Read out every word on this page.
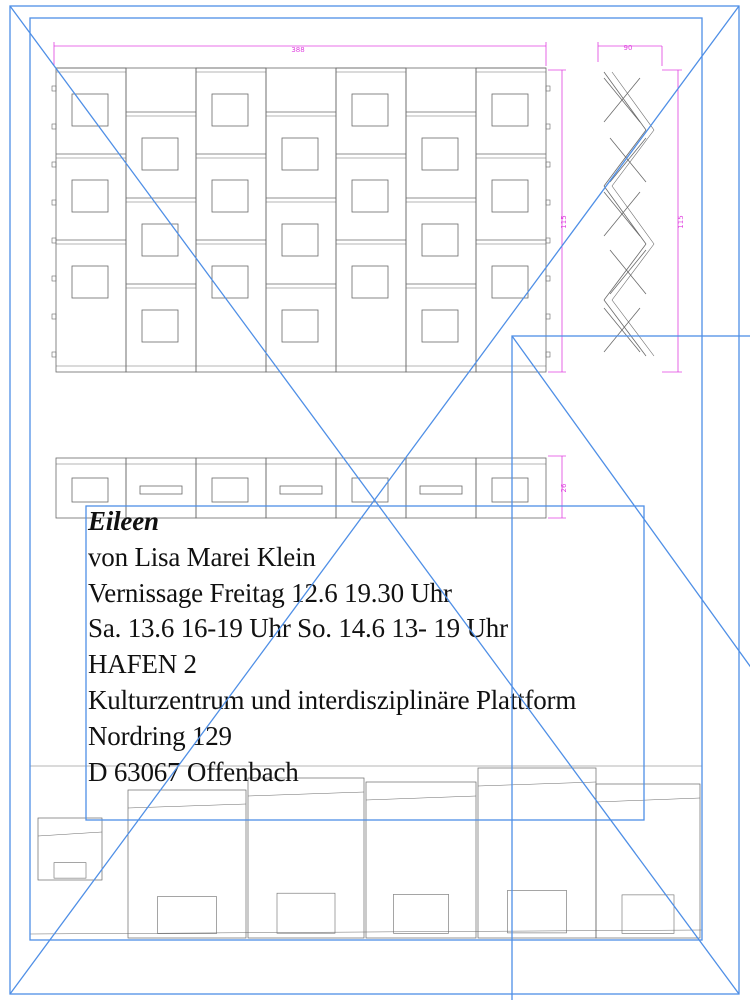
388	90
115	115
26
Eileen
von Lisa Marei Klein
Vernissage Freitag 12.6 19.30 Uhr
Sa. 13.6 16-19 Uhr So. 14.6 13- 19 Uhr
HAFEN 2
Kulturzentrum und interdisziplinäre Plattform
Nordring 129
D 63067 Offenbach
